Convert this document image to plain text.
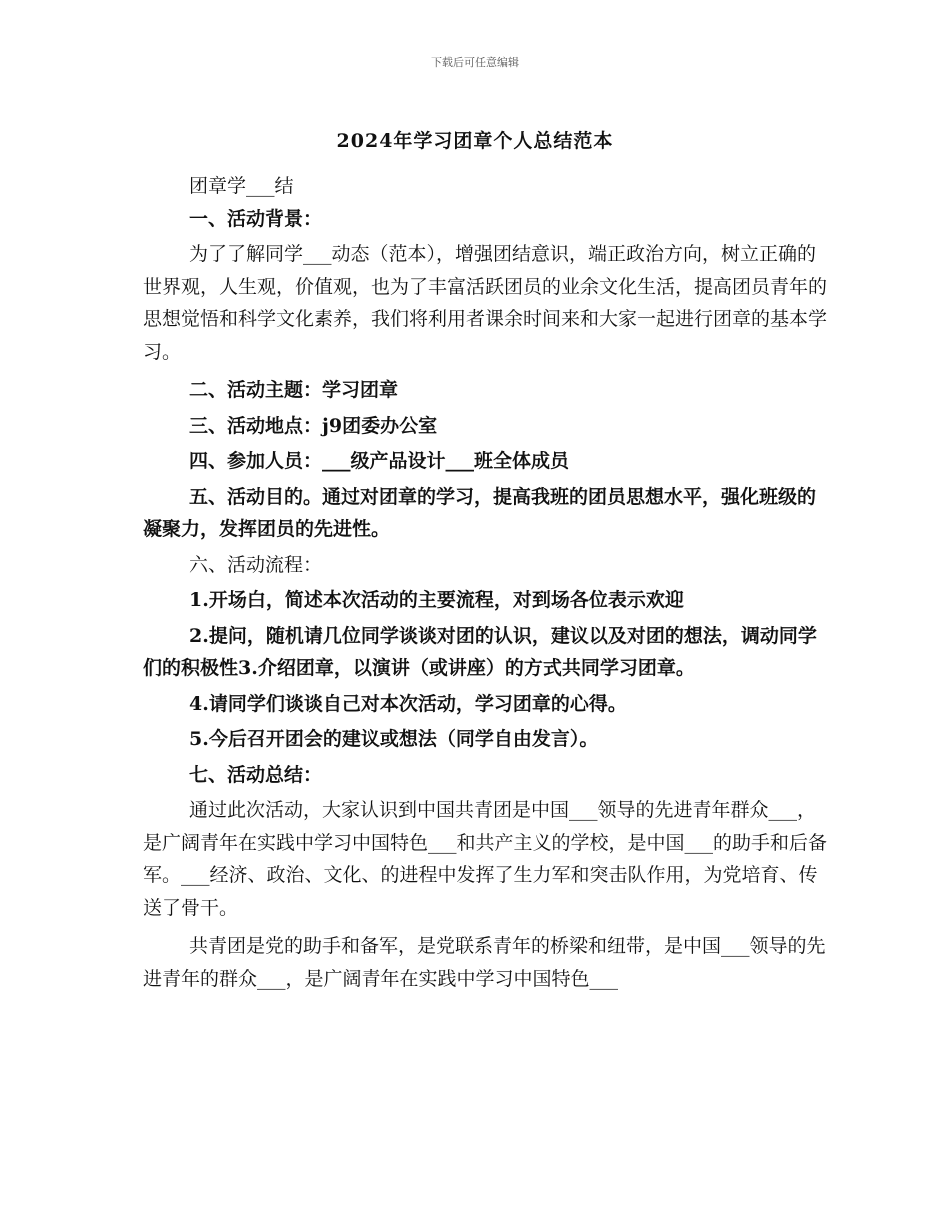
下载后可任意编辑
2024年学习团章个人总结范本

团章学___结

一、活动背景：

为了了解同学___动态（范本），增强团结意识，端正政治方向，树立正确的世界观，人生观，价值观，也为了丰富活跃团员的业余文化生活，提高团员青年的思想觉悟和科学文化素养，我们将利用者课余时间来和大家一起进行团章的基本学习。

二、活动主题：学习团章

三、活动地点：j9团委办公室

四、参加人员：___级产品设计___班全体成员

五、活动目的。通过对团章的学习，提高我班的团员思想水平，强化班级的凝聚力，发挥团员的先进性。

六、活动流程：

1.开场白，简述本次活动的主要流程，对到场各位表示欢迎

2.提问，随机请几位同学谈谈对团的认识，建议以及对团的想法，调动同学们的积极性3.介绍团章，以演讲（或讲座）的方式共同学习团章。

4.请同学们谈谈自己对本次活动，学习团章的心得。

5.今后召开团会的建议或想法（同学自由发言）。

七、活动总结：

通过此次活动，大家认识到中国共青团是中国___领导的先进青年群众___，是广阔青年在实践中学习中国特色___和共产主义的学校，是中国___的助手和后备军。___经济、政治、文化、的进程中发挥了生力军和突击队作用，为党培育、传送了骨干。

共青团是党的助手和备军，是党联系青年的桥梁和纽带，是中国___领导的先进青年的群众___，是广阔青年在实践中学习中国特色___
